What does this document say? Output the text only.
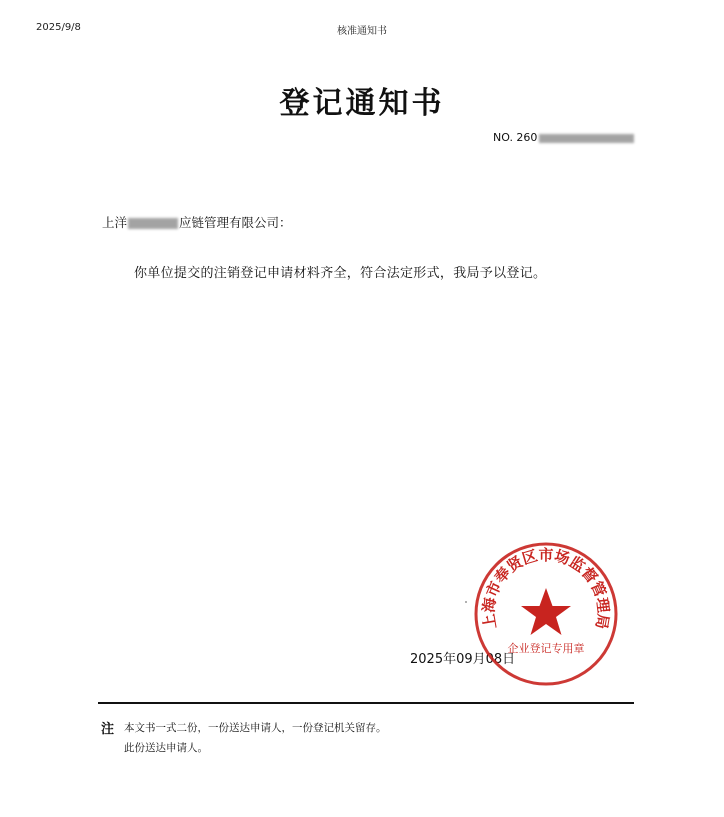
2025/9/8	核准通知书
登记通知书
NO. 260
上洋	应链管理有限公司：
你单位提交的注销登记申请材料齐全，符合法定形式，我局予以登记。
2025年09月08日
上海市奉贤区市场监督管理局
企业登记专用章
注 本文书一式二份，一份送达申请人，一份登记机关留存。
此份送达申请人。
